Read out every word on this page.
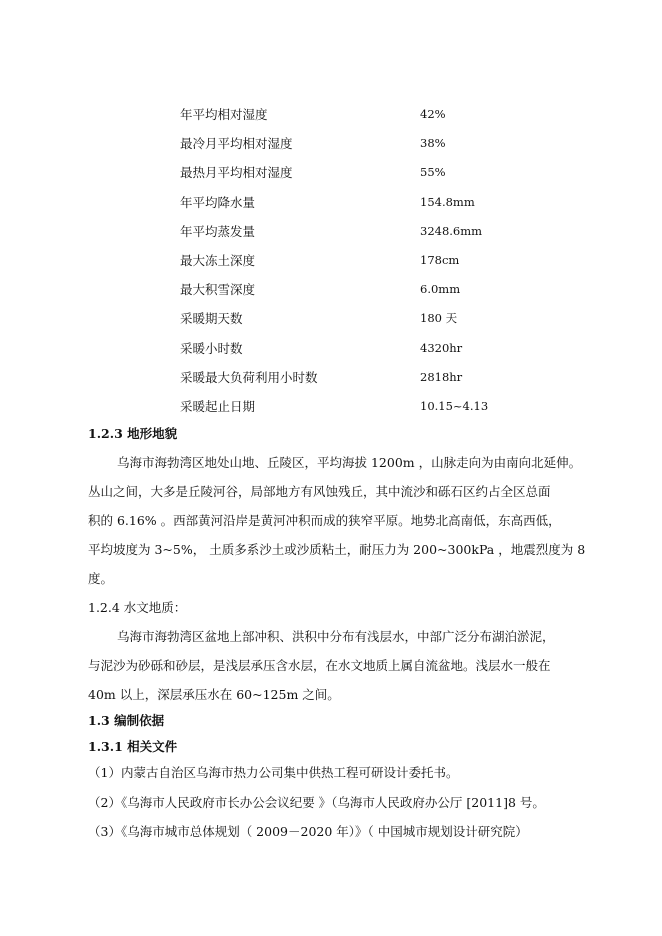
年平均相对湿度	42%
最冷月平均相对湿度	38%
最热月平均相对湿度	55%
年平均降水量	154.8mm
年平均蒸发量	3248.6mm
最大冻土深度	178cm
最大积雪深度	6.0mm
采暖期天数	180 天
采暖小时数	4320hr
采暖最大负荷利用小时数	2818hr
采暖起止日期	10.15~4.13
1.2.3 地形地貌
乌海市海勃湾区地处山地、丘陵区，平均海拔 1200m ，山脉走向为由南向北延伸。
丛山之间，大多是丘陵河谷，局部地方有风蚀残丘，其中流沙和砾石区约占全区总面
积的 6.16% 。西部黄河沿岸是黄河冲积而成的狭窄平原。地势北高南低，东高西低，
平均坡度为 3~5%， 土质多系沙土或沙质粘土，耐压力为 200~300kPa ，地震烈度为 8
度。
1.2.4 水文地质：
乌海市海勃湾区盆地上部冲积、洪积中分布有浅层水，中部广泛分布湖泊淤泥，
与泥沙为砂砾和砂层，是浅层承压含水层，在水文地质上属自流盆地。浅层水一般在
40m 以上，深层承压水在 60~125m 之间。
1.3 编制依据
1.3.1 相关文件
（1）内蒙古自治区乌海市热力公司集中供热工程可研设计委托书。
（2）《乌海市人民政府市长办公会议纪要 》（乌海市人民政府办公厅 [2011]8 号。
（3）《乌海市城市总体规划（ 2009－2020 年）》（ 中国城市规划设计研究院）
